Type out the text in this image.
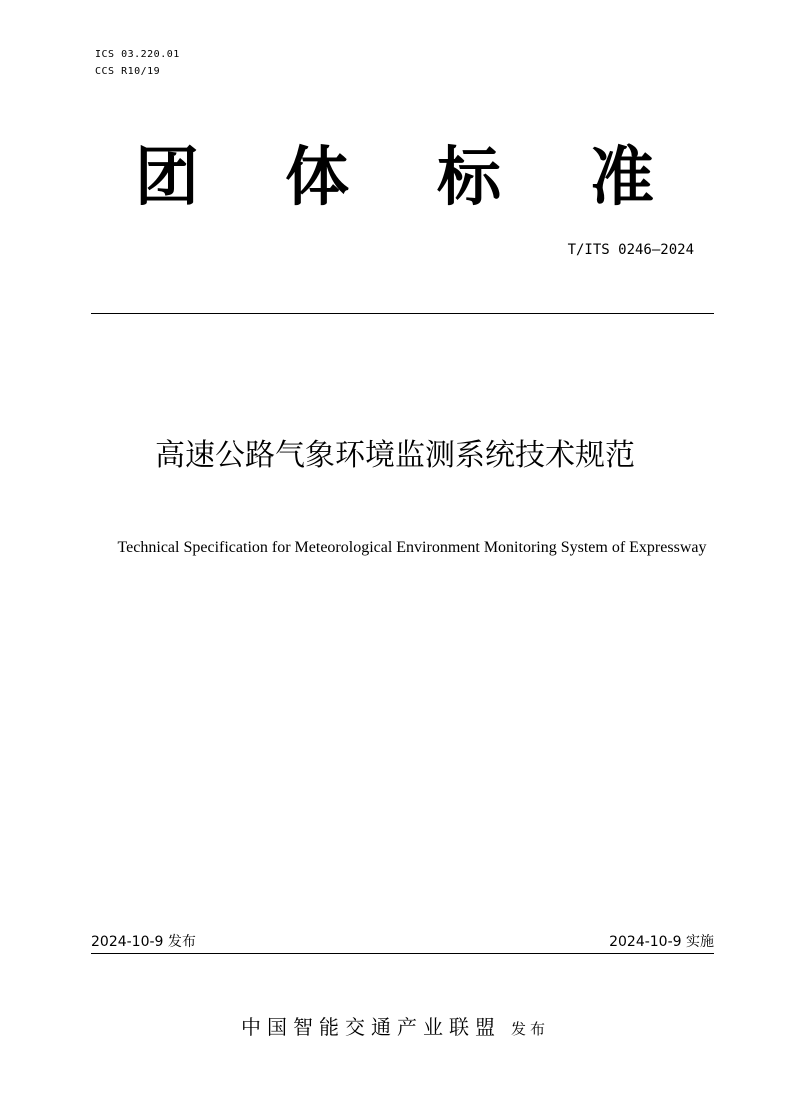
ICS 03.220.01
CCS R10/19
团 体 标 准
T/ITS 0246—2024
高速公路气象环境监测系统技术规范
Technical Specification for Meteorological Environment Monitoring System of Expressway
2024-10-9 发布	2024-10-9 实施
中国智能交通产业联盟 发布
